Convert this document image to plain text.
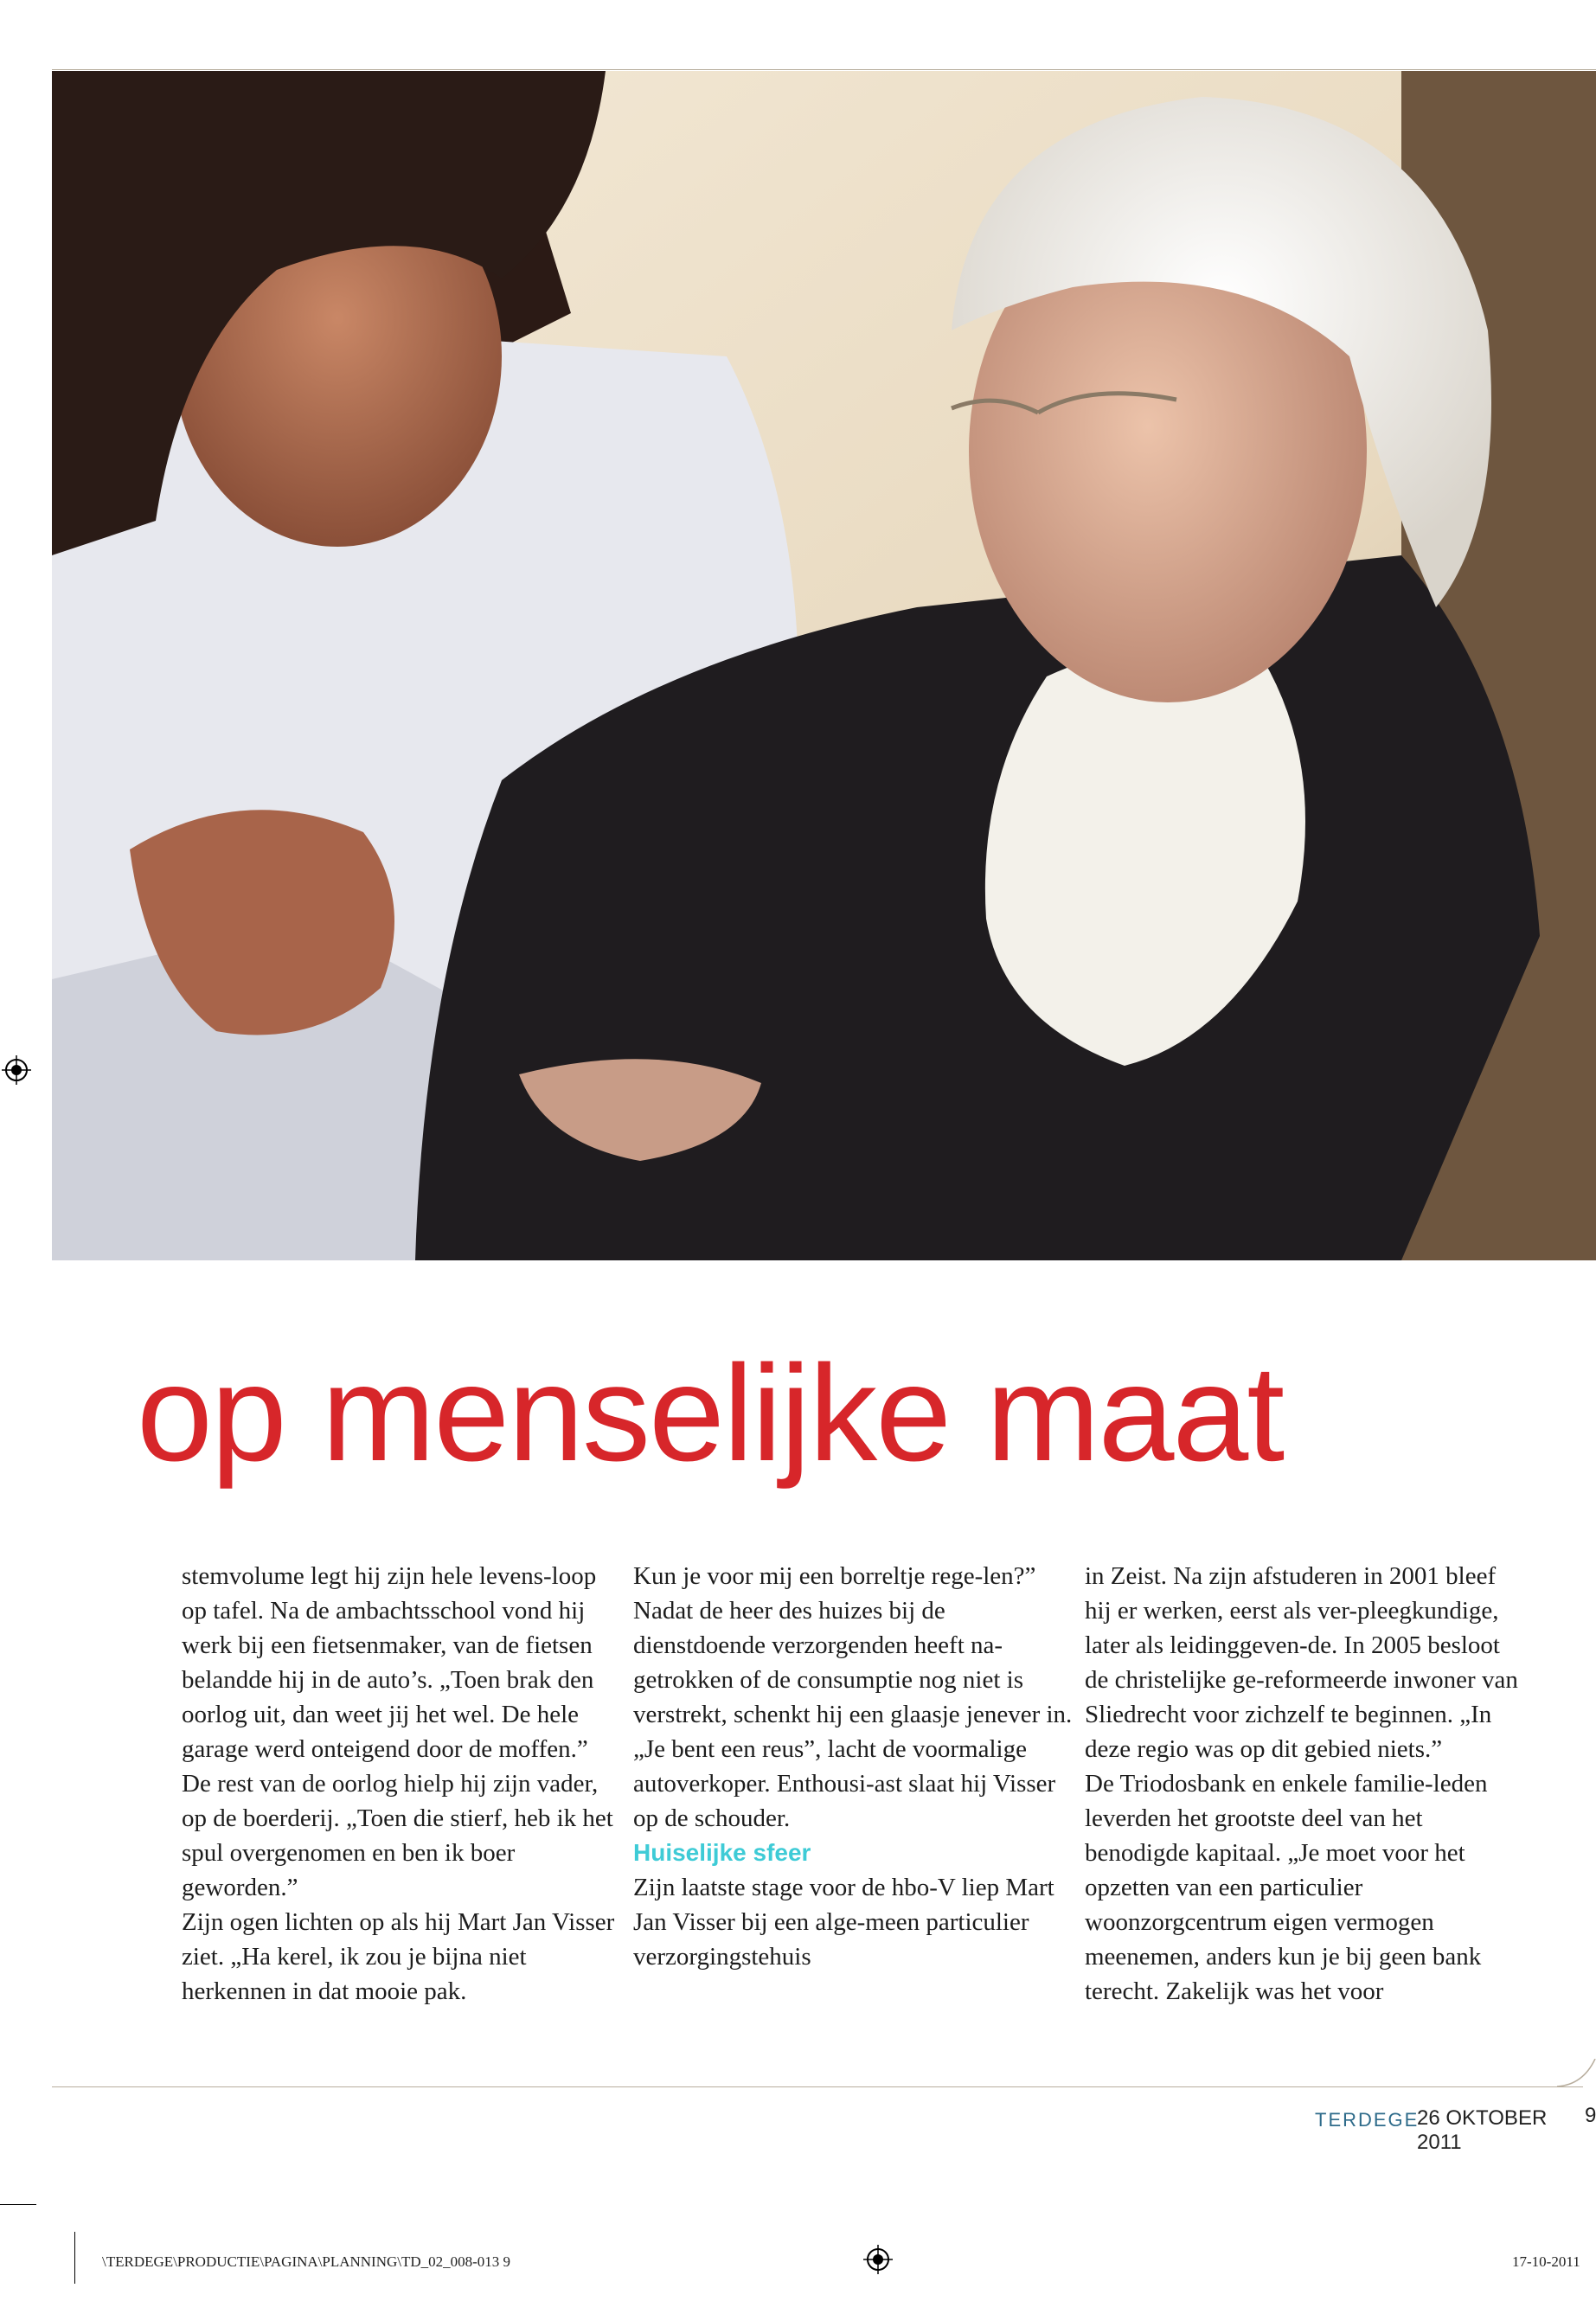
op menselijke maat

stemvolume legt hij zijn hele levens-loop op tafel. Na de ambachtsschool vond hij werk bij een fietsenmaker, van de fietsen belandde hij in de auto’s. „Toen brak den oorlog uit, dan weet jij het wel. De hele garage werd onteigend door de moffen.” De rest van de oorlog hielp hij zijn vader, op de boerderij. „Toen die stierf, heb ik het spul overgenomen en ben ik boer geworden.”

Zijn ogen lichten op als hij Mart Jan Visser ziet. „Ha kerel, ik zou je bijna niet herkennen in dat mooie pak.

Kun je voor mij een borreltje rege-len?”

Nadat de heer des huizes bij de dienstdoende verzorgenden heeft na-getrokken of de consumptie nog niet is verstrekt, schenkt hij een glaasje jenever in. „Je bent een reus”, lacht de voormalige autoverkoper. Enthousi-ast slaat hij Visser op de schouder.

Huiselijke sfeer

Zijn laatste stage voor de hbo-V liep Mart Jan Visser bij een alge-meen particulier verzorgingstehuis

in Zeist. Na zijn afstuderen in 2001 bleef hij er werken, eerst als ver-pleegkundige, later als leidinggeven-de. In 2005 besloot de christelijke ge-reformeerde inwoner van Sliedrecht voor zichzelf te beginnen. „In deze regio was op dit gebied niets.”

De Triodosbank en enkele familie-leden leverden het grootste deel van het benodigde kapitaal. „Je moet voor het opzetten van een particulier woonzorgcentrum eigen vermogen meenemen, anders kun je bij geen bank terecht. Zakelijk was het voor

TERDEGE
26 OKTOBER 2011
9
\TERDEGE\PRODUCTIE\PAGINA\PLANNING\TD_02_008-013 9	17-10-2011
